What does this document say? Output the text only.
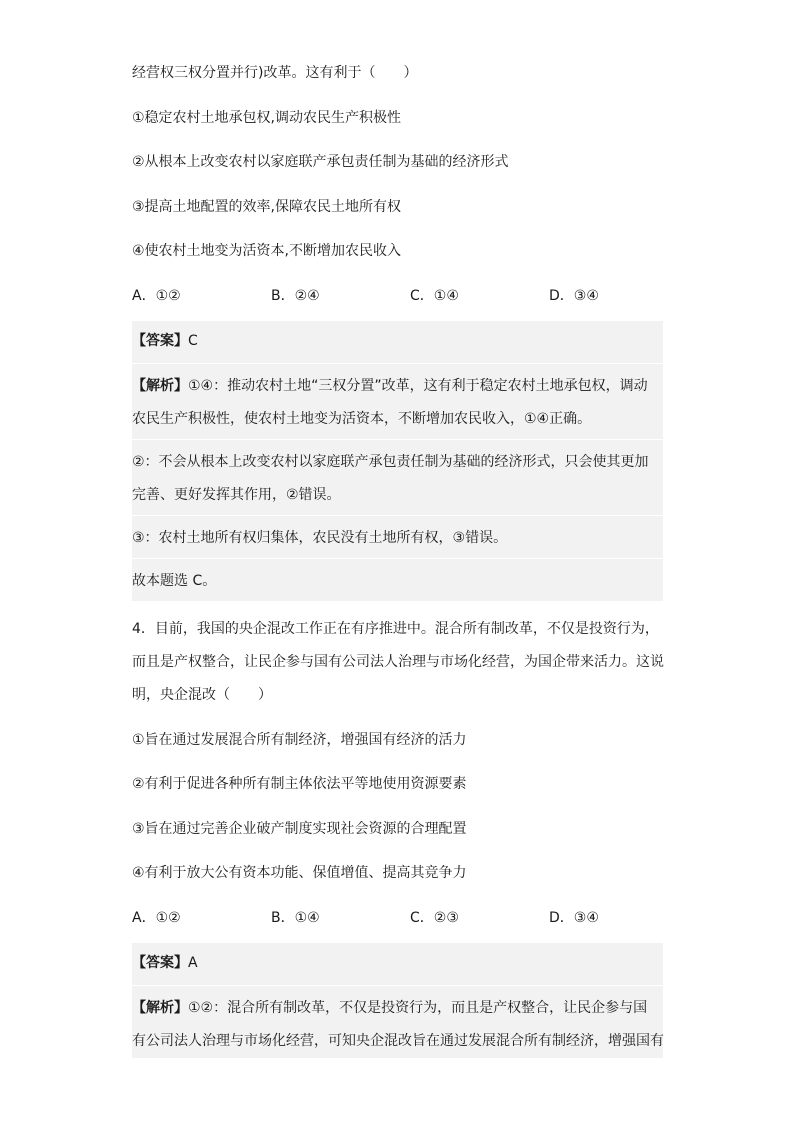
经营权三权分置并行)改革。这有利于（　　）

①稳定农村土地承包权,调动农民生产积极性

②从根本上改变农村以家庭联产承包责任制为基础的经济形式

③提高土地配置的效率,保障农民土地所有权

④使农村土地变为活资本,不断增加农民收入

A．①②	B．②④	C．①④	D．③④

【答案】C

【解析】①④：推动农村土地“三权分置”改革，这有利于稳定农村土地承包权，调动

农民生产积极性，使农村土地变为活资本，不断增加农民收入，①④正确。

②：不会从根本上改变农村以家庭联产承包责任制为基础的经济形式，只会使其更加

完善、更好发挥其作用，②错误。

③：农村土地所有权归集体，农民没有土地所有权，③错误。

故本题选 C。

4．目前，我国的央企混改工作正在有序推进中。混合所有制改革，不仅是投资行为，

而且是产权整合，让民企参与国有公司法人治理与市场化经营，为国企带来活力。这说

明，央企混改（　　）

①旨在通过发展混合所有制经济，增强国有经济的活力

②有利于促进各种所有制主体依法平等地使用资源要素

③旨在通过完善企业破产制度实现社会资源的合理配置

④有利于放大公有资本功能、保值增值、提高其竞争力

A．①②	B．①④	C．②③	D．③④

【答案】A

【解析】①②：混合所有制改革，不仅是投资行为，而且是产权整合，让民企参与国

有公司法人治理与市场化经营，可知央企混改旨在通过发展混合所有制经济，增强国有
